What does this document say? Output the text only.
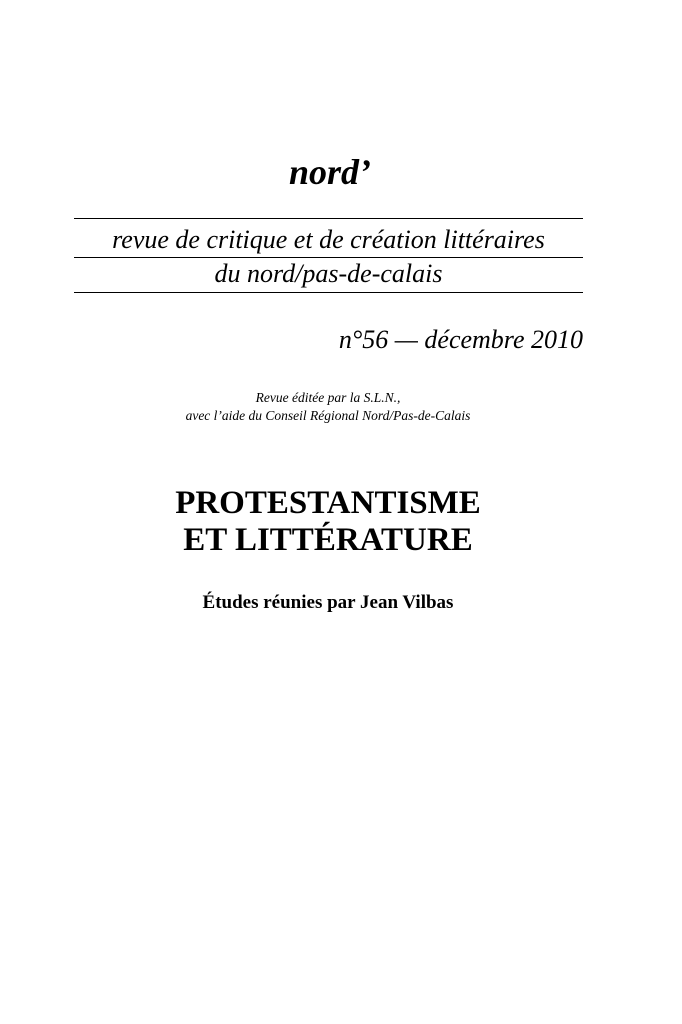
nord’
revue de critique et de création littéraires
du nord/pas-de-calais
n°56 — décembre 2010
Revue éditée par la S.L.N.,
avec l’aide du Conseil Régional Nord/Pas-de-Calais
PROTESTANTISME
ET LITTÉRATURE
Études réunies par Jean Vilbas
